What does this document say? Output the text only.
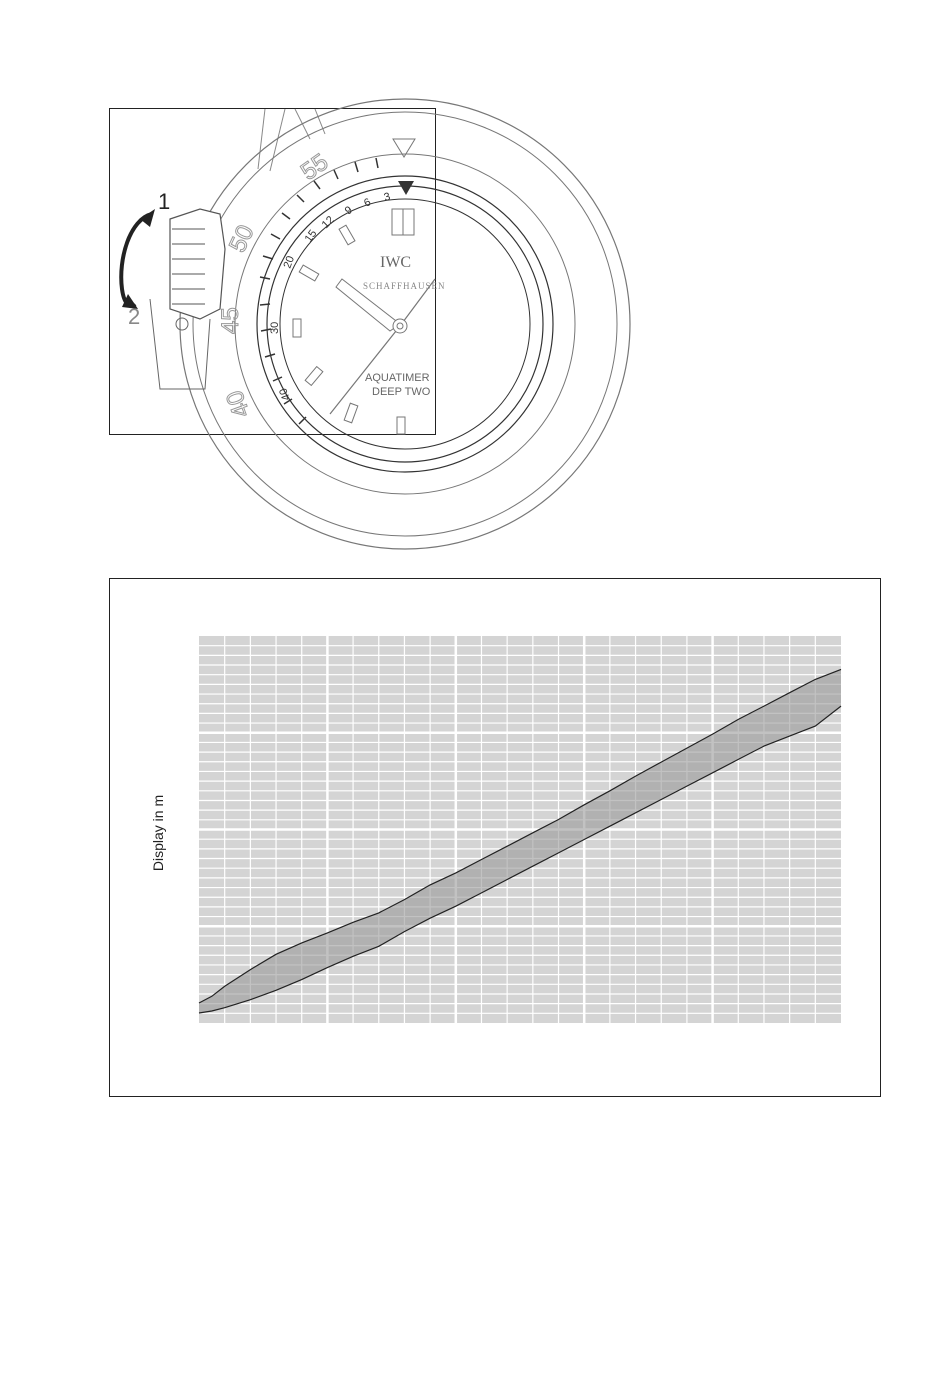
IWC
SCHAFFHAUSEN
AQUATIMER
DEEP TWO
55
50
45
40
3
6
9
12
15
20
30
40
1
2
Display in m
